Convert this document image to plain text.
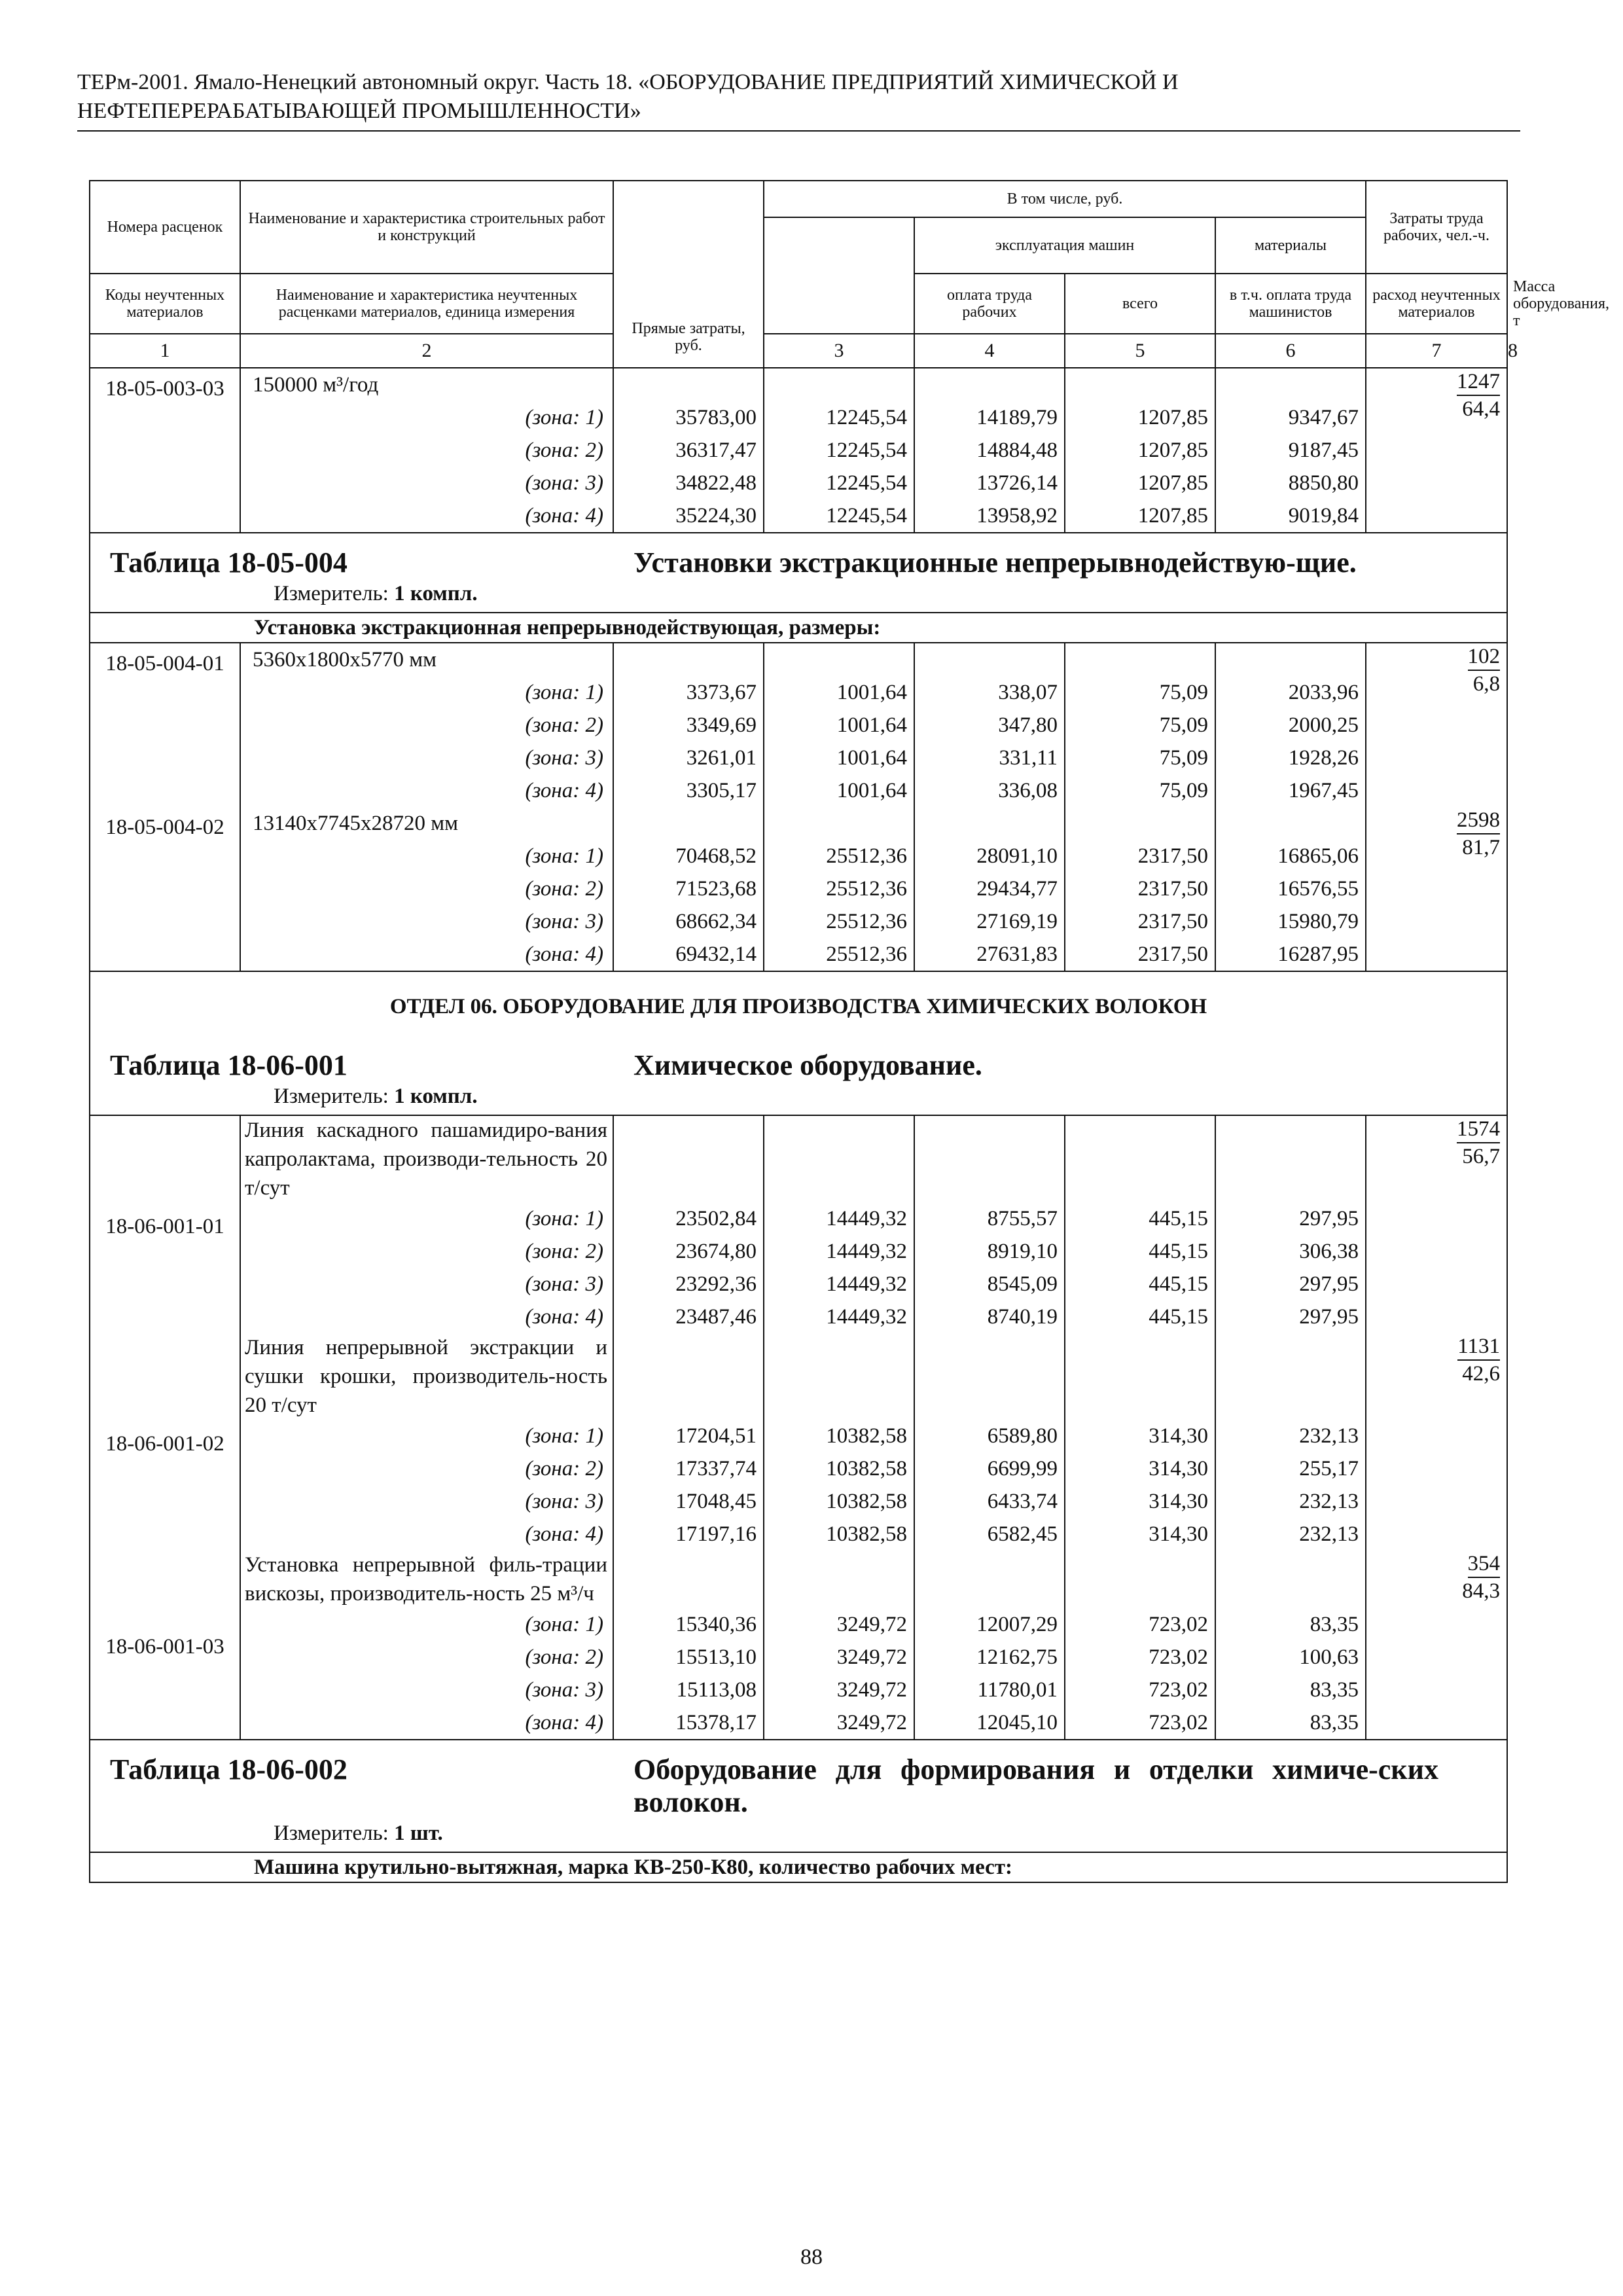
ТЕРм-2001. Ямало-Ненецкий автономный округ. Часть 18. «ОБОРУДОВАНИЕ ПРЕДПРИЯТИЙ ХИМИЧЕСКОЙ И
НЕФТЕПЕРЕРАБАТЫВАЮЩЕЙ ПРОМЫШЛЕННОСТИ»
Номера расценок	Наименование и характеристика строительных работ и конструкций	Прямые затраты, руб.	В том числе, руб.				Затраты труда рабочих, чел.-ч.	
				эксплуатация машин		материалы		
Коды неучтенных материалов	Наименование и характеристика неучтенных расценками материалов, единица измерения			оплата труда рабочих	всего	в т.ч. оплата труда машинистов	расход неучтенных материалов	Масса оборудования, т
1	2		3	4	5	6	7	8
18-05-003-03	150000 м³/год						1247
64,4	
	(зона: 1)	35783,00	12245,54	14189,79	1207,85	9347,67		
	(зона: 2)	36317,47	12245,54	14884,48	1207,85	9187,45		
	(зона: 3)	34822,48	12245,54	13726,14	1207,85	8850,80		
	(зона: 4)	35224,30	12245,54	13958,92	1207,85	9019,84		

Таблица 18-05-004 Установки экстракционные непрерывнодействую-щие.
Измеритель: 1 компл.								

Установка экстракционная непрерывнодействующая, размеры:								
18-05-004-01	5360x1800x5770 мм						102
6,8	
	(зона: 1)	3373,67	1001,64	338,07	75,09	2033,96		
	(зона: 2)	3349,69	1001,64	347,80	75,09	2000,25		
	(зона: 3)	3261,01	1001,64	331,11	75,09	1928,26		
	(зона: 4)	3305,17	1001,64	336,08	75,09	1967,45		
18-05-004-02	13140x7745x28720 мм						2598
81,7	
	(зона: 1)	70468,52	25512,36	28091,10	2317,50	16865,06		
	(зона: 2)	71523,68	25512,36	29434,77	2317,50	16576,55		
	(зона: 3)	68662,34	25512,36	27169,19	2317,50	15980,79		
	(зона: 4)	69432,14	25512,36	27631,83	2317,50	16287,95		
ОТДЕЛ 06. ОБОРУДОВАНИЕ ДЛЯ ПРОИЗВОДСТВА ХИМИЧЕСКИХ ВОЛОКОН								

Таблица 18-06-001 Химическое оборудование.
Измеритель: 1 компл.								

18-06-001-01	Линия каскадного пашамидиро-вания капролактама, производи-тельность 20 т/сут						1574
56,7	
	(зона: 1)	23502,84	14449,32	8755,57	445,15	297,95		
	(зона: 2)	23674,80	14449,32	8919,10	445,15	306,38		
	(зона: 3)	23292,36	14449,32	8545,09	445,15	297,95		
	(зона: 4)	23487,46	14449,32	8740,19	445,15	297,95		
18-06-001-02	Линия непрерывной экстракции и сушки крошки, производитель-ность 20 т/сут						1131
42,6	
	(зона: 1)	17204,51	10382,58	6589,80	314,30	232,13		
	(зона: 2)	17337,74	10382,58	6699,99	314,30	255,17		
	(зона: 3)	17048,45	10382,58	6433,74	314,30	232,13		
	(зона: 4)	17197,16	10382,58	6582,45	314,30	232,13		
18-06-001-03	Установка непрерывной филь-трации вискозы, производитель-ность 25 м³/ч						354
84,3	
	(зона: 1)	15340,36	3249,72	12007,29	723,02	83,35		
	(зона: 2)	15513,10	3249,72	12162,75	723,02	100,63		
	(зона: 3)	15113,08	3249,72	11780,01	723,02	83,35		
	(зона: 4)	15378,17	3249,72	12045,10	723,02	83,35		

Таблица 18-06-002 Оборудование для формирования и отделки химиче-ских волокон.
Измеритель: 1 шт.								

Машина крутильно-вытяжная, марка КВ-250-К80, количество рабочих мест:								
88
